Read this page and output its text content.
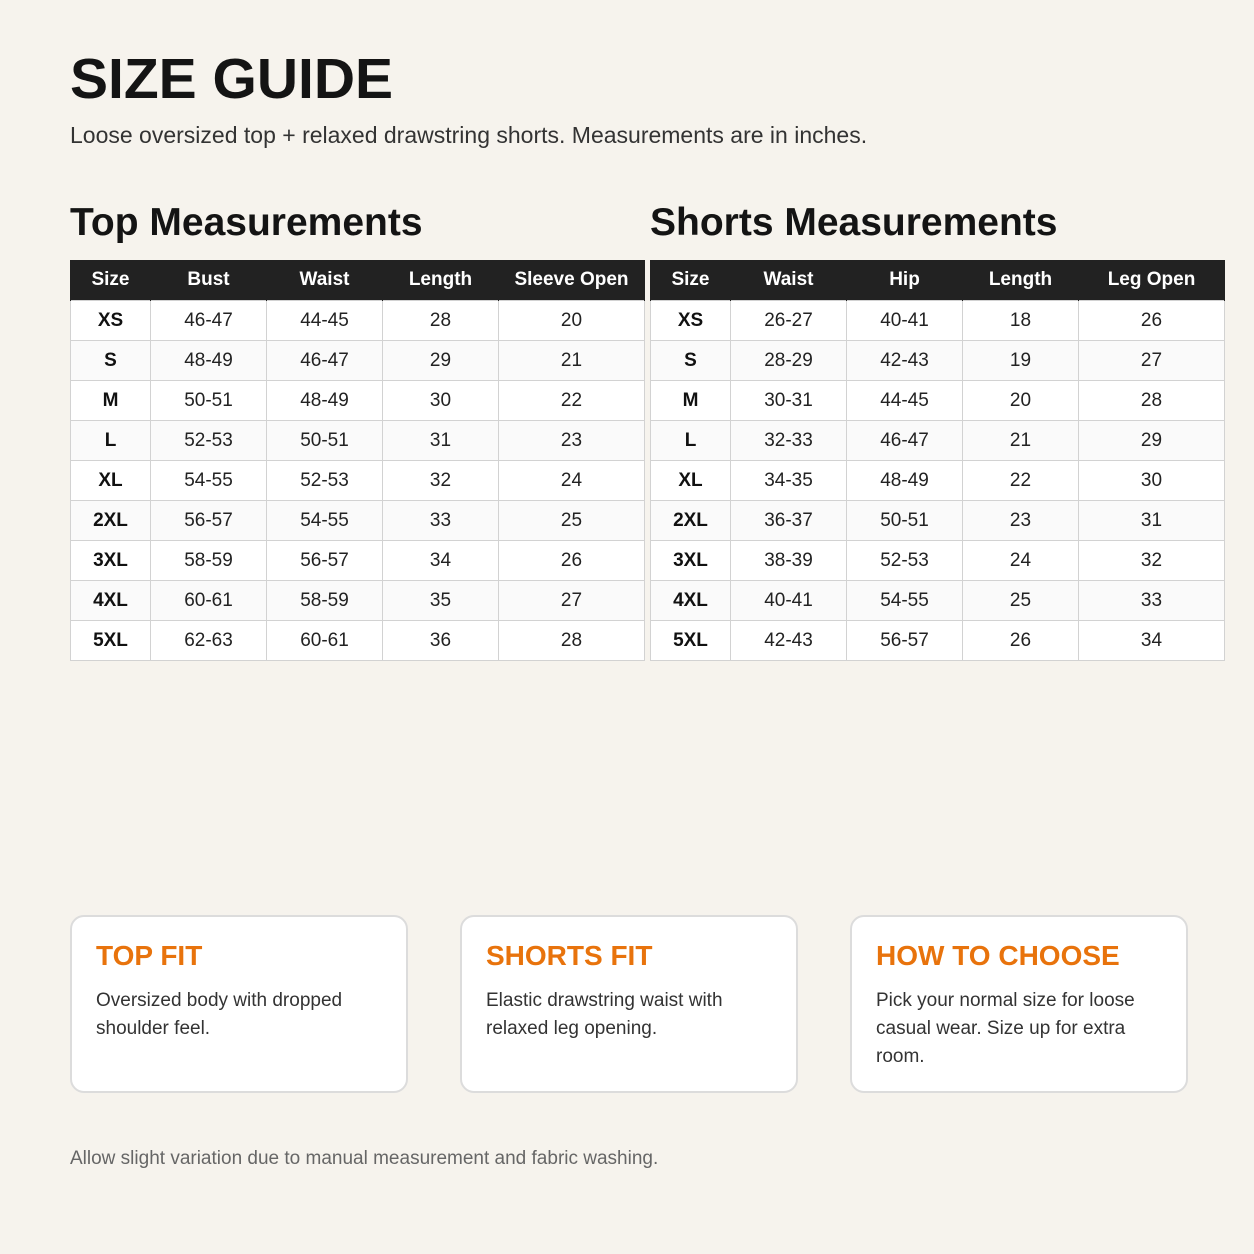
SIZE GUIDE

Loose oversized top + relaxed drawstring shorts. Measurements are in inches.

Top Measurements	Shorts Measurements
Size	Bust	Waist	Length	Sleeve Open
XS	46-47	44-45	28	20
S	48-49	46-47	29	21
M	50-51	48-49	30	22
L	52-53	50-51	31	23
XL	54-55	52-53	32	24
2XL	56-57	54-55	33	25
3XL	58-59	56-57	34	26
4XL	60-61	58-59	35	27
5XL	62-63	60-61	36	28
Size	Waist	Hip	Length	Leg Open
XS	26-27	40-41	18	26
S	28-29	42-43	19	27
M	30-31	44-45	20	28
L	32-33	46-47	21	29
XL	34-35	48-49	22	30
2XL	36-37	50-51	23	31
3XL	38-39	52-53	24	32
4XL	40-41	54-55	25	33
5XL	42-43	56-57	26	34
TOP FIT

Oversized body with dropped shoulder feel.

SHORTS FIT

Elastic drawstring waist with relaxed leg opening.

HOW TO CHOOSE

Pick your normal size for loose casual wear. Size up for extra room.

Allow slight variation due to manual measurement and fabric washing.
